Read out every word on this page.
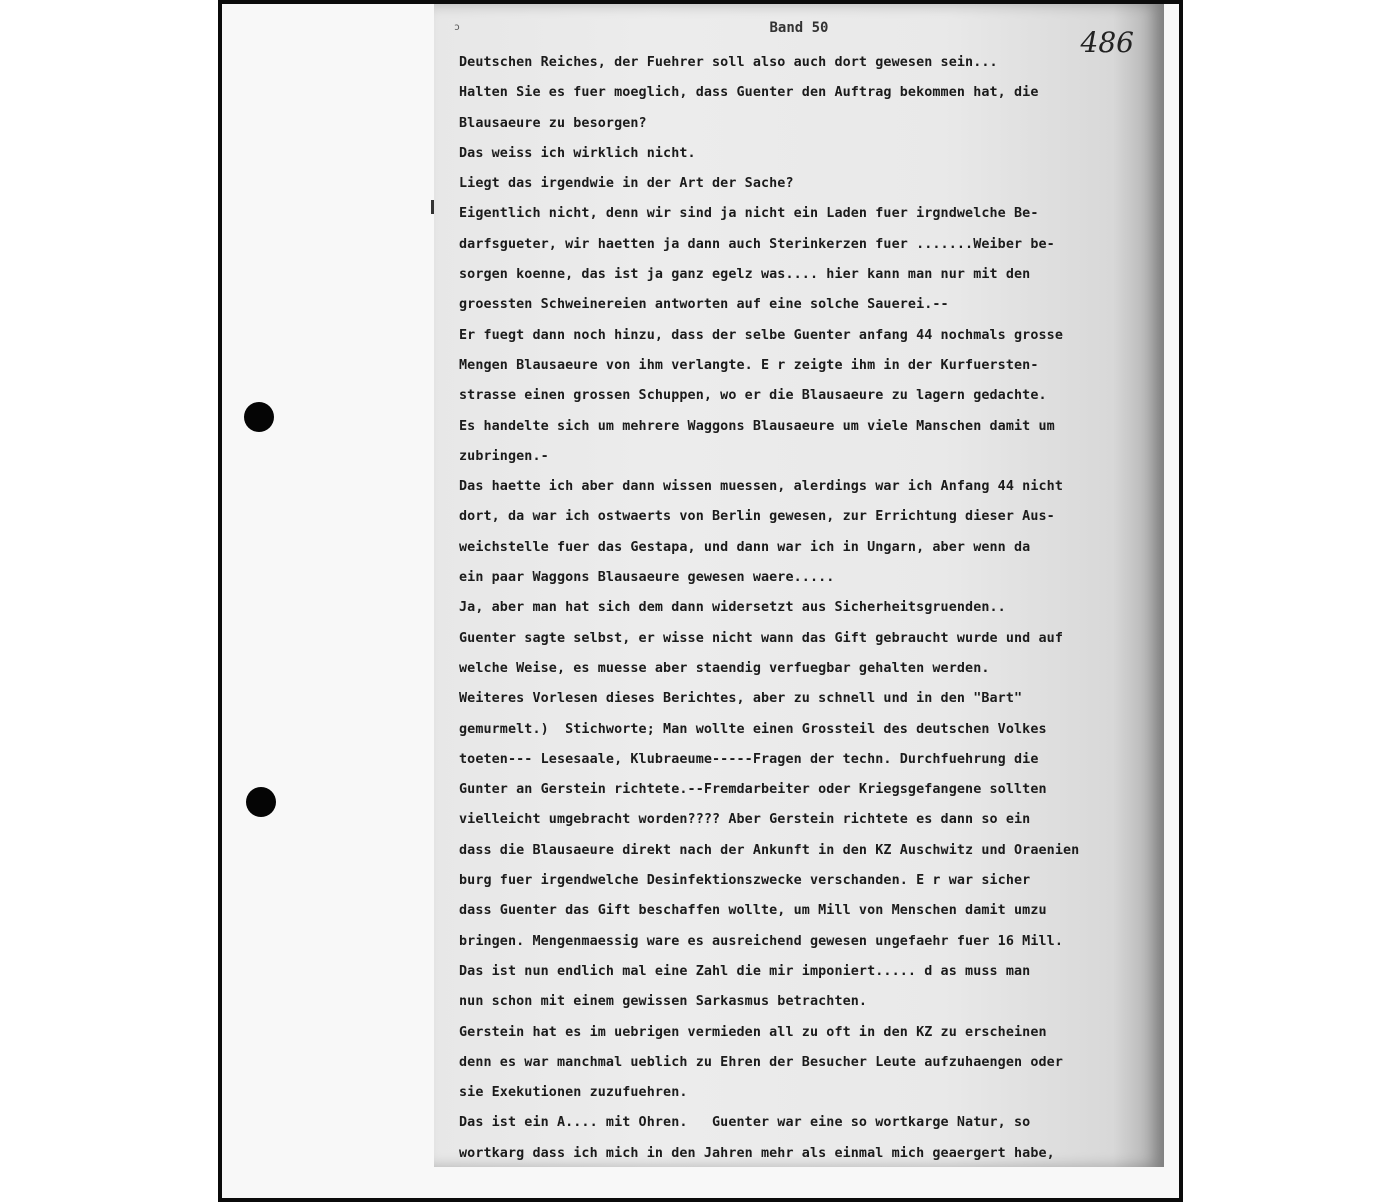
ɔ	Band 50	486
Deutschen Reiches, der Fuehrer soll also auch dort gewesen sein...
Halten Sie es fuer moeglich, dass Guenter den Auftrag bekommen hat, die
Blausaeure zu besorgen?
Das weiss ich wirklich nicht.
Liegt das irgendwie in der Art der Sache?
Eigentlich nicht, denn wir sind ja nicht ein Laden fuer irgndwelche Be-
darfsgueter, wir haetten ja dann auch Sterinkerzen fuer .......Weiber be-
sorgen koenne, das ist ja ganz egelz was.... hier kann man nur mit den
groessten Schweinereien antworten auf eine solche Sauerei.--
Er fuegt dann noch hinzu, dass der selbe Guenter anfang 44 nochmals grosse
Mengen Blausaeure von ihm verlangte. E r zeigte ihm in der Kurfuersten-
strasse einen grossen Schuppen, wo er die Blausaeure zu lagern gedachte.
Es handelte sich um mehrere Waggons Blausaeure um viele Manschen damit um
zubringen.-
Das haette ich aber dann wissen muessen, alerdings war ich Anfang 44 nicht
dort, da war ich ostwaerts von Berlin gewesen, zur Errichtung dieser Aus-
weichstelle fuer das Gestapa, und dann war ich in Ungarn, aber wenn da
ein paar Waggons Blausaeure gewesen waere.....
Ja, aber man hat sich dem dann widersetzt aus Sicherheitsgruenden..
Guenter sagte selbst, er wisse nicht wann das Gift gebraucht wurde und auf
welche Weise, es muesse aber staendig verfuegbar gehalten werden.
Weiteres Vorlesen dieses Berichtes, aber zu schnell und in den "Bart"
gemurmelt.)  Stichworte; Man wollte einen Grossteil des deutschen Volkes
toeten--- Lesesaale, Klubraeume-----Fragen der techn. Durchfuehrung die
Gunter an Gerstein richtete.--Fremdarbeiter oder Kriegsgefangene sollten
vielleicht umgebracht worden???? Aber Gerstein richtete es dann so ein
dass die Blausaeure direkt nach der Ankunft in den KZ Auschwitz und Oraenien
burg fuer irgendwelche Desinfektionszwecke verschanden. E r war sicher
dass Guenter das Gift beschaffen wollte, um Mill von Menschen damit umzu
bringen. Mengenmaessig ware es ausreichend gewesen ungefaehr fuer 16 Mill.
Das ist nun endlich mal eine Zahl die mir imponiert..... d as muss man
nun schon mit einem gewissen Sarkasmus betrachten.
Gerstein hat es im uebrigen vermieden all zu oft in den KZ zu erscheinen
denn es war manchmal ueblich zu Ehren der Besucher Leute aufzuhaengen oder
sie Exekutionen zuzufuehren.
Das ist ein A.... mit Ohren.   Guenter war eine so wortkarge Natur, so
wortkarg dass ich mich in den Jahren mehr als einmal mich geaergert habe,
